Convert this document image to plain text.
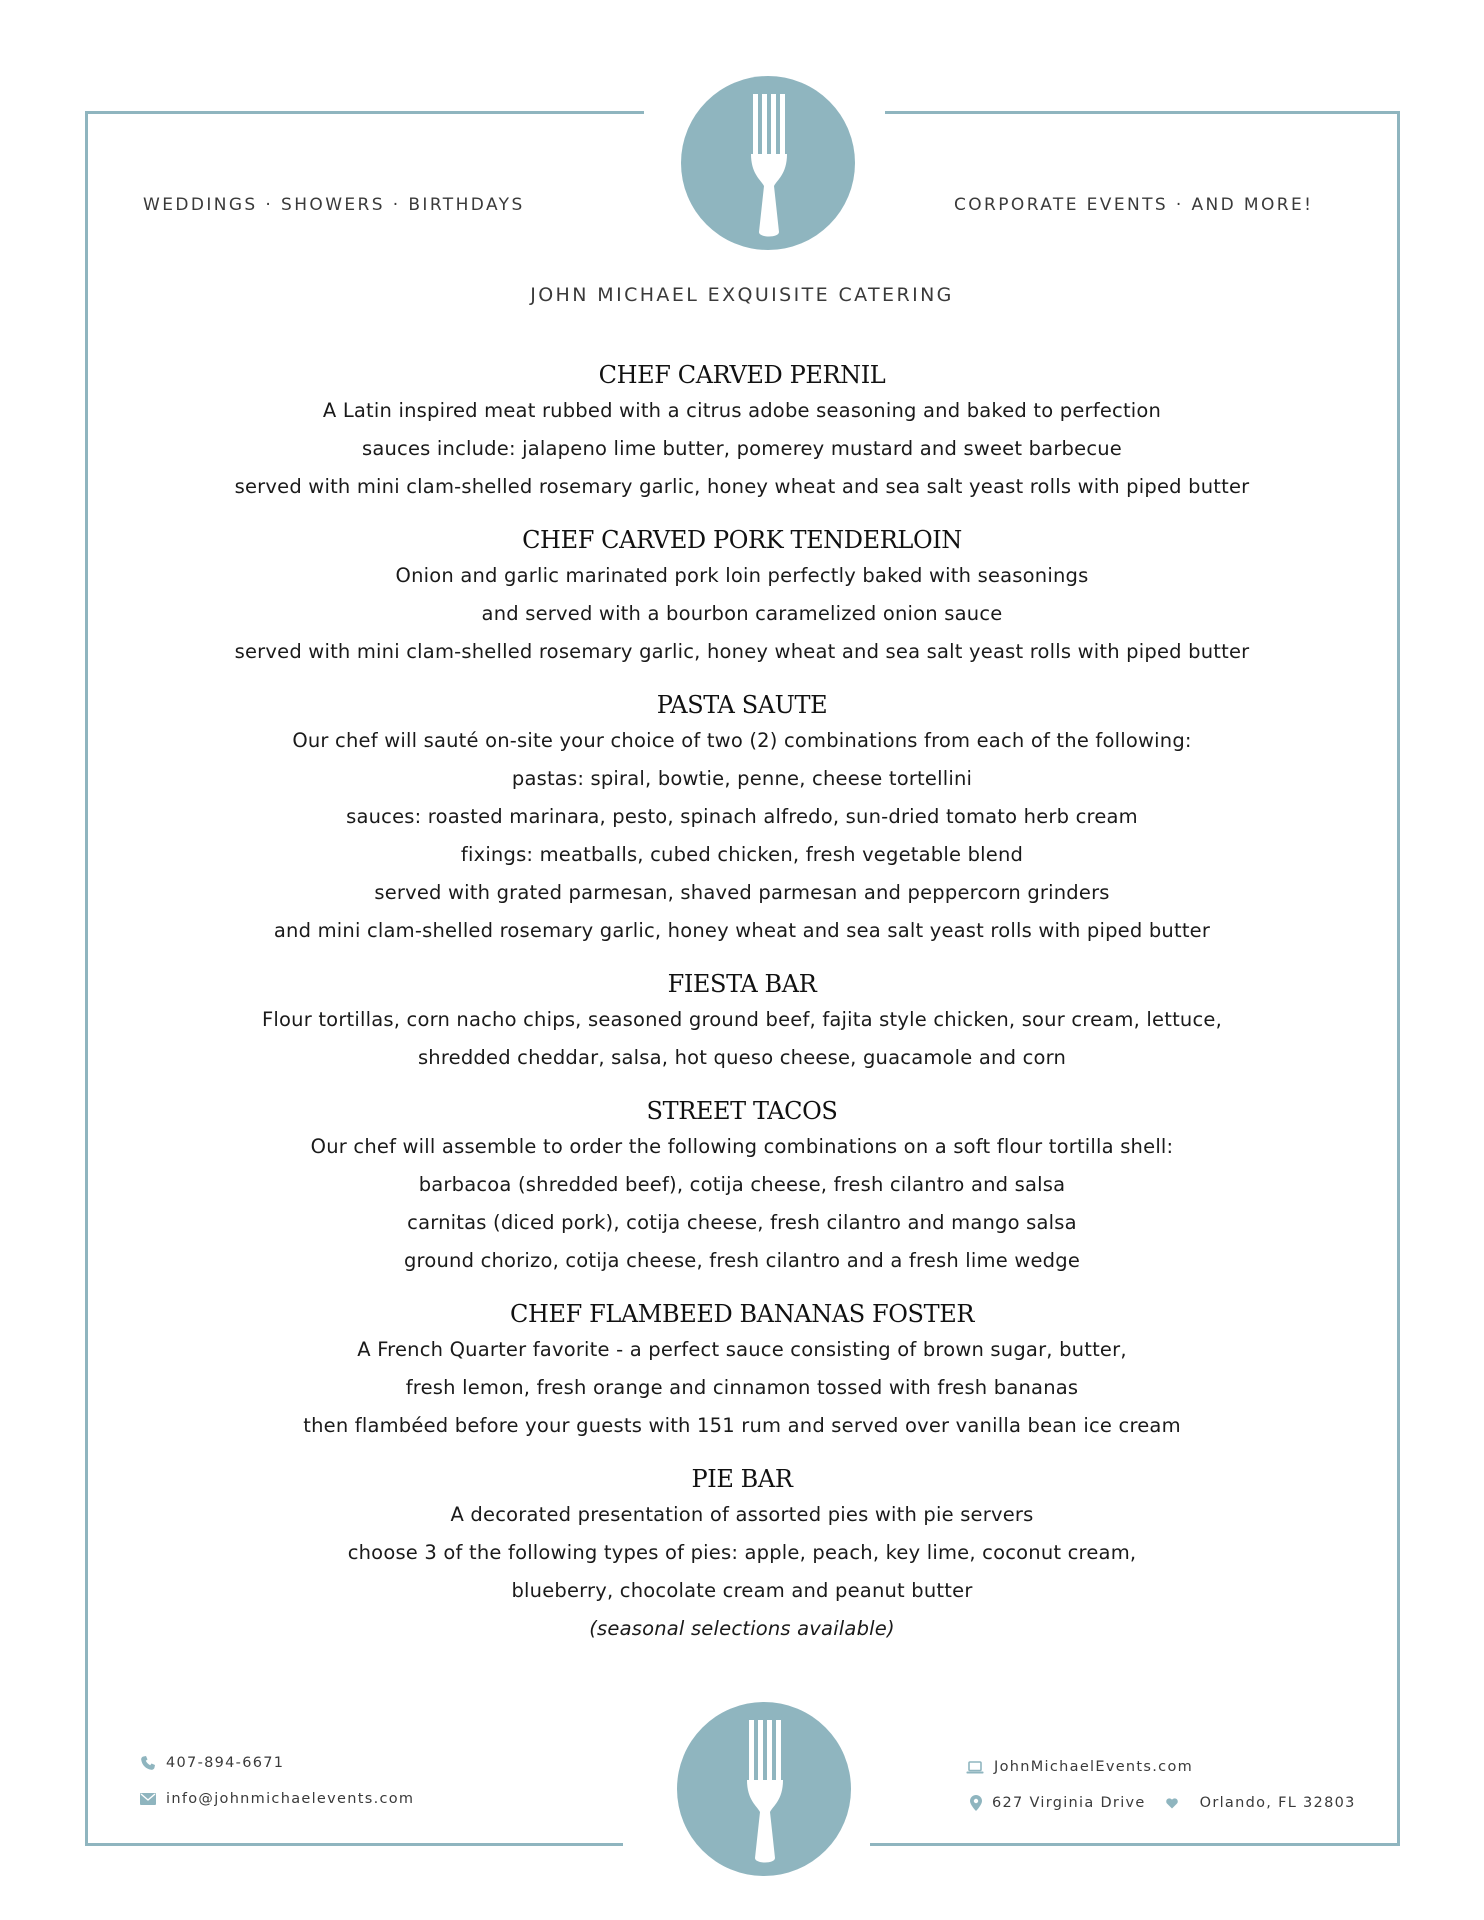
WEDDINGS · SHOWERS · BIRTHDAYS	CORPORATE EVENTS · AND MORE!
JOHN MICHAEL EXQUISITE CATERING
CHEF CARVED PERNIL
A Latin inspired meat rubbed with a citrus adobe seasoning and baked to perfection
sauces include: jalapeno lime butter, pomerey mustard and sweet barbecue
served with mini clam-shelled rosemary garlic, honey wheat and sea salt yeast rolls with piped butter
CHEF CARVED PORK TENDERLOIN
Onion and garlic marinated pork loin perfectly baked with seasonings
and served with a bourbon caramelized onion sauce
served with mini clam-shelled rosemary garlic, honey wheat and sea salt yeast rolls with piped butter
PASTA SAUTE
Our chef will sauté on-site your choice of two (2) combinations from each of the following:
pastas: spiral, bowtie, penne, cheese tortellini
sauces: roasted marinara, pesto, spinach alfredo, sun-dried tomato herb cream
fixings: meatballs, cubed chicken, fresh vegetable blend
served with grated parmesan, shaved parmesan and peppercorn grinders
and mini clam-shelled rosemary garlic, honey wheat and sea salt yeast rolls with piped butter
FIESTA BAR
Flour tortillas, corn nacho chips, seasoned ground beef, fajita style chicken, sour cream, lettuce,
shredded cheddar, salsa, hot queso cheese, guacamole and corn
STREET TACOS
Our chef will assemble to order the following combinations on a soft flour tortilla shell:
barbacoa (shredded beef), cotija cheese, fresh cilantro and salsa
carnitas (diced pork), cotija cheese, fresh cilantro and mango salsa
ground chorizo, cotija cheese, fresh cilantro and a fresh lime wedge
CHEF FLAMBEED BANANAS FOSTER
A French Quarter favorite - a perfect sauce consisting of brown sugar, butter,
fresh lemon, fresh orange and cinnamon tossed with fresh bananas
then flambéed before your guests with 151 rum and served over vanilla bean ice cream
PIE BAR
A decorated presentation of assorted pies with pie servers
choose 3 of the following types of pies: apple, peach, key lime, coconut cream,
blueberry, chocolate cream and peanut butter
(seasonal selections available)
407-894-6671
info@johnmichaelevents.com
JohnMichaelEvents.com
627 Virginia Drive	Orlando, FL 32803
